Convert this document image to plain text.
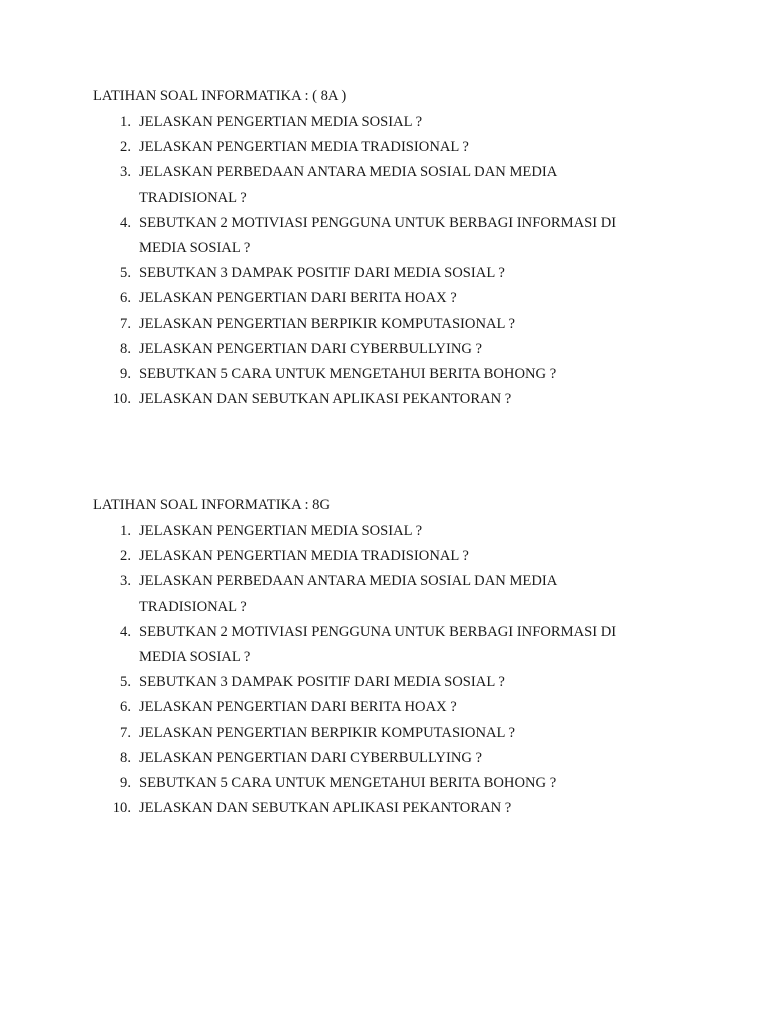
LATIHAN SOAL INFORMATIKA : ( 8A )
1. JELASKAN PENGERTIAN MEDIA SOSIAL ?
2. JELASKAN PENGERTIAN MEDIA TRADISIONAL ?
3. JELASKAN PERBEDAAN ANTARA MEDIA SOSIAL DAN MEDIA TRADISIONAL ?
4. SEBUTKAN 2 MOTIVIASI PENGGUNA UNTUK BERBAGI INFORMASI DI MEDIA SOSIAL ?
5. SEBUTKAN 3 DAMPAK POSITIF DARI MEDIA SOSIAL ?
6. JELASKAN PENGERTIAN DARI BERITA HOAX ?
7. JELASKAN PENGERTIAN BERPIKIR KOMPUTASIONAL ?
8. JELASKAN PENGERTIAN DARI CYBERBULLYING ?
9. SEBUTKAN 5 CARA UNTUK MENGETAHUI BERITA BOHONG ?
10. JELASKAN DAN SEBUTKAN APLIKASI PEKANTORAN ?
LATIHAN SOAL INFORMATIKA : 8G
1. JELASKAN PENGERTIAN MEDIA SOSIAL ?
2. JELASKAN PENGERTIAN MEDIA TRADISIONAL ?
3. JELASKAN PERBEDAAN ANTARA MEDIA SOSIAL DAN MEDIA TRADISIONAL ?
4. SEBUTKAN 2 MOTIVIASI PENGGUNA UNTUK BERBAGI INFORMASI DI MEDIA SOSIAL ?
5. SEBUTKAN 3 DAMPAK POSITIF DARI MEDIA SOSIAL ?
6. JELASKAN PENGERTIAN DARI BERITA HOAX ?
7. JELASKAN PENGERTIAN BERPIKIR KOMPUTASIONAL ?
8. JELASKAN PENGERTIAN DARI CYBERBULLYING ?
9. SEBUTKAN 5 CARA UNTUK MENGETAHUI BERITA BOHONG ?
10. JELASKAN DAN SEBUTKAN APLIKASI PEKANTORAN ?
